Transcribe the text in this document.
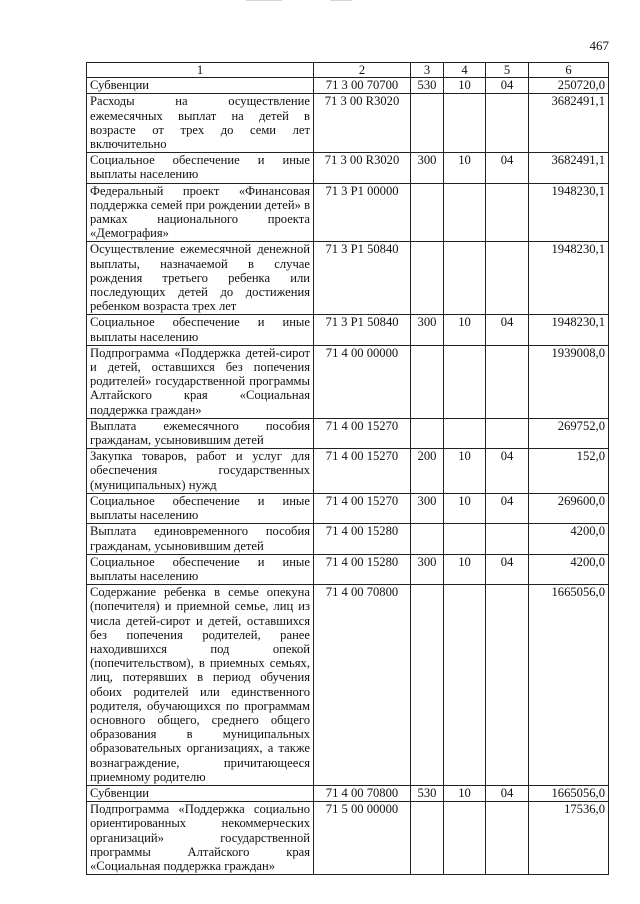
467
1	2	3	4	5	6
Субвенции	71 3 00 70700	530	10	04	250720,0
Расходы на осуществление ежемесячных выплат на детей в возрасте от трех до семи лет включительно	71 3 00 R3020				3682491,1
Социальное обеспечение и иные выплаты населению	71 3 00 R3020	300	10	04	3682491,1
Федеральный проект «Финансовая поддержка семей при рождении детей» в рамках национального проекта «Демография»	71 3 P1 00000				1948230,1
Осуществление ежемесячной денежной выплаты, назначаемой в случае рождения третьего ребенка или последующих детей до достижения ребенком возраста трех лет	71 3 P1 50840				1948230,1
Социальное обеспечение и иные выплаты населению	71 3 P1 50840	300	10	04	1948230,1
Подпрограмма «Поддержка детей-сирот и детей, оставшихся без попечения родителей» государственной программы Алтайского края «Социальная поддержка граждан»	71 4 00 00000				1939008,0
Выплата ежемесячного пособия гражданам, усыновившим детей	71 4 00 15270				269752,0
Закупка товаров, работ и услуг для обеспечения государственных (муниципальных) нужд	71 4 00 15270	200	10	04	152,0
Социальное обеспечение и иные выплаты населению	71 4 00 15270	300	10	04	269600,0
Выплата единовременного пособия гражданам, усыновившим детей	71 4 00 15280				4200,0
Социальное обеспечение и иные выплаты населению	71 4 00 15280	300	10	04	4200,0
Содержание ребенка в семье опекуна (попечителя) и приемной семье, лиц из числа детей-сирот и детей, оставшихся без попечения родителей, ранее находившихся под опекой (попечительством), в приемных семьях, лиц, потерявших в период обучения обоих родителей или единственного родителя, обучающихся по программам основного общего, среднего общего образования в муниципальных образовательных организациях, а также вознаграждение, причитающееся приемному родителю	71 4 00 70800				1665056,0
Субвенции	71 4 00 70800	530	10	04	1665056,0
Подпрограмма «Поддержка социально ориентированных некоммерческих организаций» государственной программы Алтайского края «Социальная поддержка граждан»	71 5 00 00000				17536,0
